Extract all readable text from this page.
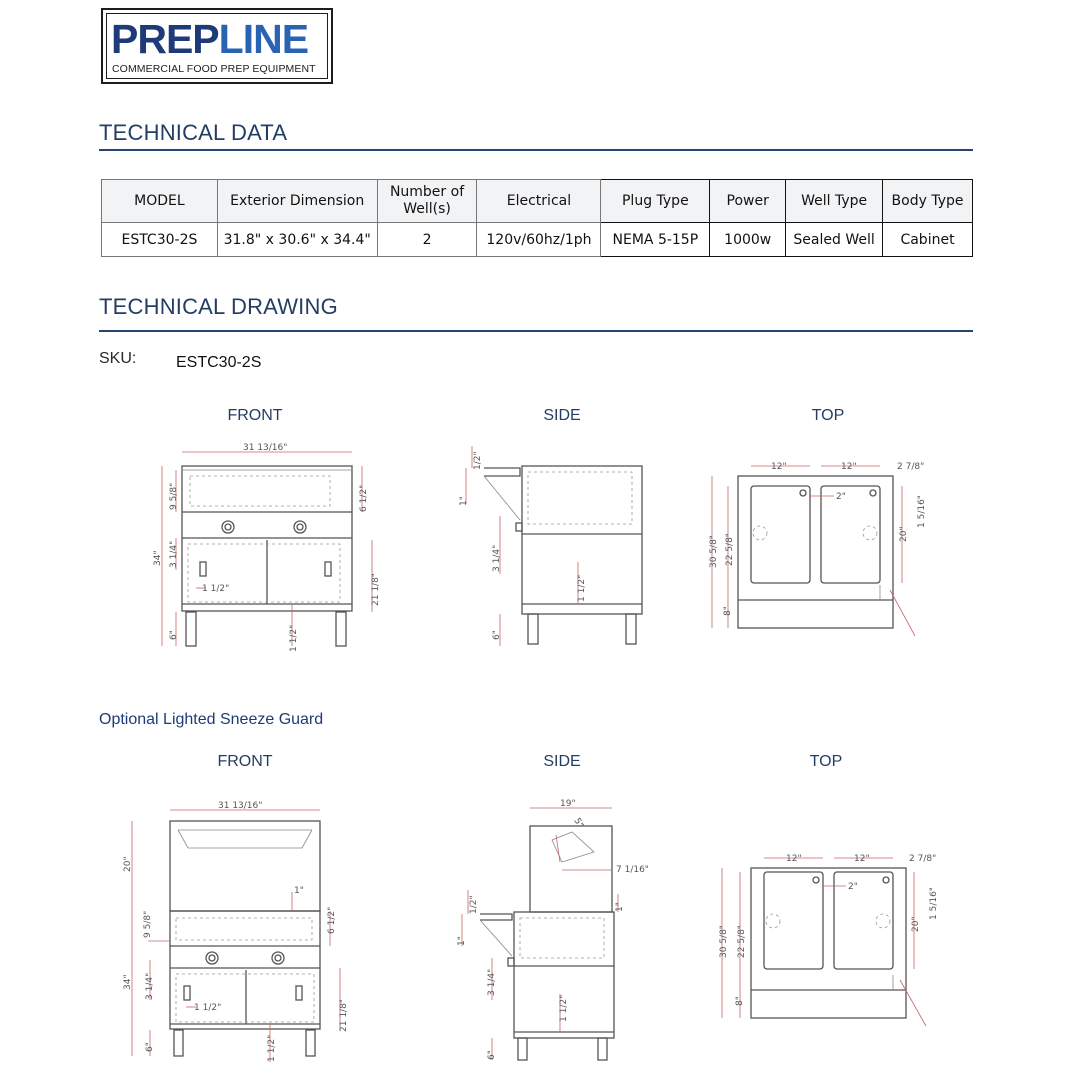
PREPLINE
COMMERCIAL FOOD PREP EQUIPMENT
TECHNICAL DATA
MODEL	Exterior Dimension	Number of Well(s)	Electrical	Plug Type	Power	Well Type	Body Type
ESTC30-2S	31.8" x 30.6" x 34.4"	2	120v/60hz/1ph	NEMA 5-15P	1000w	Sealed Well	Cabinet
TECHNICAL DRAWING
SKU: ESTC30-2S
FRONT	SIDE	TOP
Optional Lighted Sneeze Guard
FRONT	SIDE	TOP
31 13/16"
34"
9 5/8"	6 1/2"
3 1/4"
1 1/2"	21 1/8"
6"	1 1/2"
1/2"
1"
3 1/4"
1 1/2"
6"
12"	12"	2 7/8"
2"
30 5/8" 22 5/8"
8"
20"
1 5/16"
31 13/16"
20"
34"
1"
6 1/2"
9 5/8"
3 1/4"
1 1/2"	21 1/8"
6"	1 1/2"
19"
5"
7 1/16"
1"
1/2"
1"
3 1/4"
1 1/2"
6"
12"	12"	2 7/8"
2"
30 5/8" 22 5/8"
8"
20"
1 5/16"
